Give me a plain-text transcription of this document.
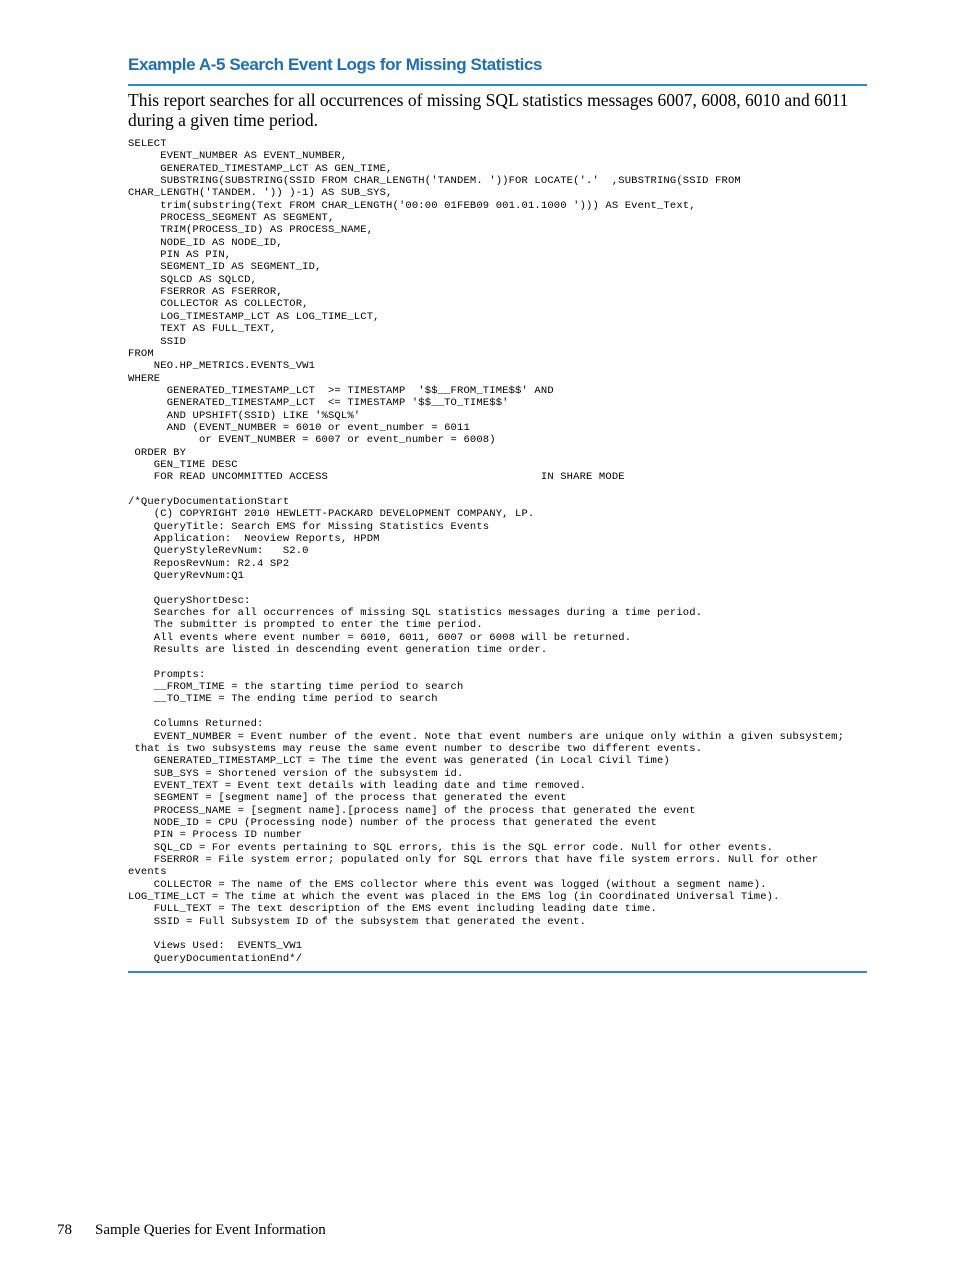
Example A-5 Search Event Logs for Missing Statistics

This report searches for all occurrences of missing SQL statistics messages 6007, 6008, 6010 and 6011 during a given time period.

SELECT
EVENT_NUMBER AS EVENT_NUMBER,
GENERATED_TIMESTAMP_LCT AS GEN_TIME,
SUBSTRING(SUBSTRING(SSID FROM CHAR_LENGTH('TANDEM. '))FOR LOCATE('.'  ,SUBSTRING(SSID FROM
CHAR_LENGTH('TANDEM. ')) )-1) AS SUB_SYS,
trim(substring(Text FROM CHAR_LENGTH('00:00 01FEB09 001.01.1000 '))) AS Event_Text,
PROCESS_SEGMENT AS SEGMENT,
TRIM(PROCESS_ID) AS PROCESS_NAME,
NODE_ID AS NODE_ID,
PIN AS PIN,
SEGMENT_ID AS SEGMENT_ID,
SQLCD AS SQLCD,
FSERROR AS FSERROR,
COLLECTOR AS COLLECTOR,
LOG_TIMESTAMP_LCT AS LOG_TIME_LCT,
TEXT AS FULL_TEXT,
SSID
FROM
NEO.HP_METRICS.EVENTS_VW1
WHERE
GENERATED_TIMESTAMP_LCT  >= TIMESTAMP  '$$__FROM_TIME$$' AND
GENERATED_TIMESTAMP_LCT  <= TIMESTAMP '$$__TO_TIME$$'
AND UPSHIFT(SSID) LIKE '%SQL%'
AND (EVENT_NUMBER = 6010 or event_number = 6011
or EVENT_NUMBER = 6007 or event_number = 6008)
ORDER BY
GEN_TIME DESC
FOR READ UNCOMMITTED ACCESS                                 IN SHARE MODE

/*QueryDocumentationStart
(C) COPYRIGHT 2010 HEWLETT-PACKARD DEVELOPMENT COMPANY, LP.
QueryTitle: Search EMS for Missing Statistics Events
Application:  Neoview Reports, HPDM
QueryStyleRevNum:   S2.0
ReposRevNum: R2.4 SP2
QueryRevNum:Q1

QueryShortDesc:
Searches for all occurrences of missing SQL statistics messages during a time period.
The submitter is prompted to enter the time period.
All events where event number = 6010, 6011, 6007 or 6008 will be returned.
Results are listed in descending event generation time order.

Prompts:
__FROM_TIME = the starting time period to search
__TO_TIME = The ending time period to search

Columns Returned:
EVENT_NUMBER = Event number of the event. Note that event numbers are unique only within a given subsystem;
that is two subsystems may reuse the same event number to describe two different events.
GENERATED_TIMESTAMP_LCT = The time the event was generated (in Local Civil Time)
SUB_SYS = Shortened version of the subsystem id.
EVENT_TEXT = Event text details with leading date and time removed.
SEGMENT = [segment name] of the process that generated the event
PROCESS_NAME = [segment name].[process name] of the process that generated the event
NODE_ID = CPU (Processing node) number of the process that generated the event
PIN = Process ID number
SQL_CD = For events pertaining to SQL errors, this is the SQL error code. Null for other events.
FSERROR = File system error; populated only for SQL errors that have file system errors. Null for other
events
COLLECTOR = The name of the EMS collector where this event was logged (without a segment name).
LOG_TIME_LCT = The time at which the event was placed in the EMS log (in Coordinated Universal Time).
FULL_TEXT = The text description of the EMS event including leading date time.
SSID = Full Subsystem ID of the subsystem that generated the event.

Views Used:  EVENTS_VW1
QueryDocumentationEnd*/
78 Sample Queries for Event Information
